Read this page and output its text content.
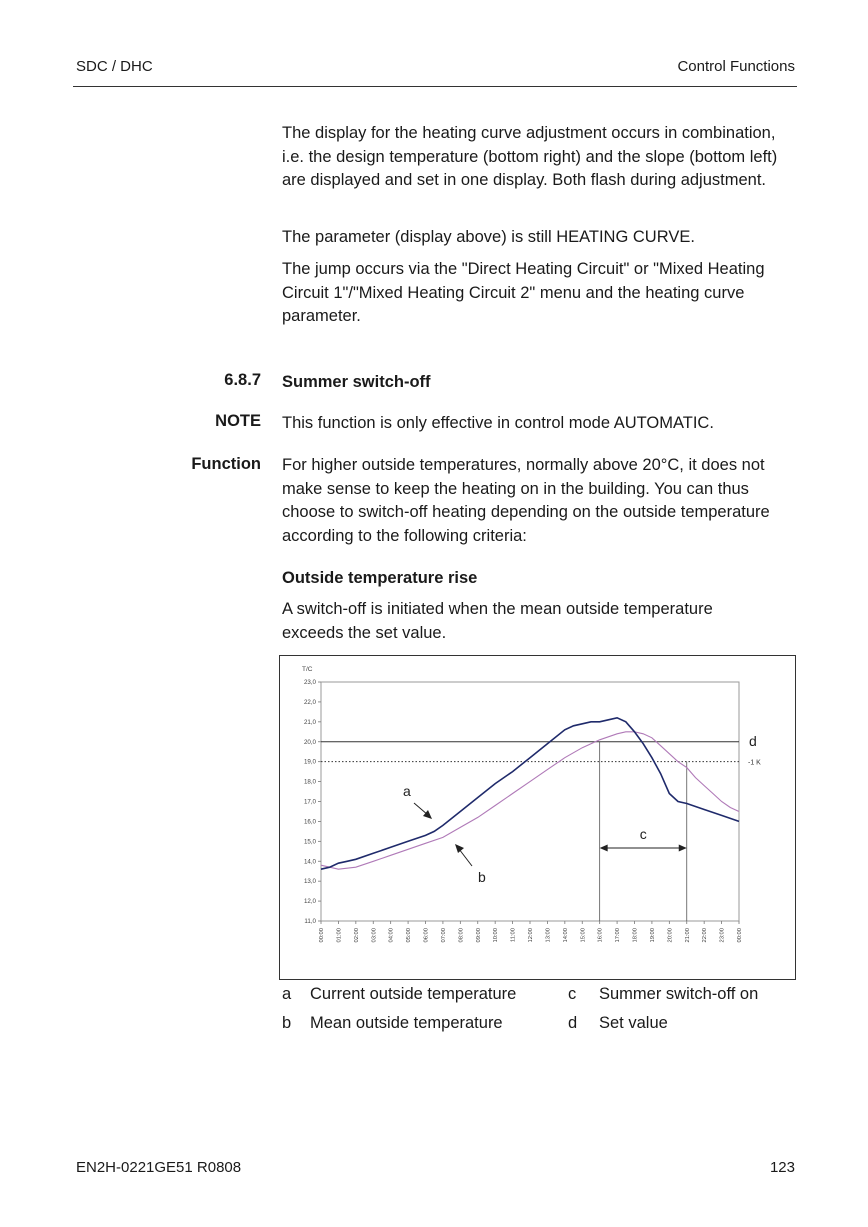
SDC / DHC	Control Functions
The display for the heating curve adjustment occurs in combination, i.e. the design temperature (bottom right) and the slope (bottom left) are displayed and set in one display. Both flash during adjustment.
The parameter (display above) is still HEATING CURVE.
The jump occurs via the "Direct Heating Circuit" or "Mixed Heating Circuit 1"/"Mixed Heating Circuit 2" menu and the heating curve parameter.
6.8.7 Summer switch-off
NOTE This function is only effective in control mode AUTOMATIC.
Function For higher outside temperatures, normally above 20°C, it does not make sense to keep the heating on in the building. You can thus choose to switch-off heating depending on the outside temperature according to the following criteria:
Outside temperature rise
A switch-off is initiated when the mean outside temperature exceeds the set value.
T/C
11,0
12,0
13,0
14,0
15,0
16,0
17,0
18,0
19,0
20,0
21,0
22,0
23,0
00:00 01:00 02:00 03:00 04:00 05:00 06:00 07:00 08:00 09:00 10:00 11:00 12:00 13:00 14:00 15:00 16:00 17:00 18:00 19:00 20:00 21:00 22:00 23:00 00:00
d
-1 K
c
a
b
a Current outside temperature
b Mean outside temperature
c Summer switch-off on
d Set value
EN2H-0221GE51 R0808	123
